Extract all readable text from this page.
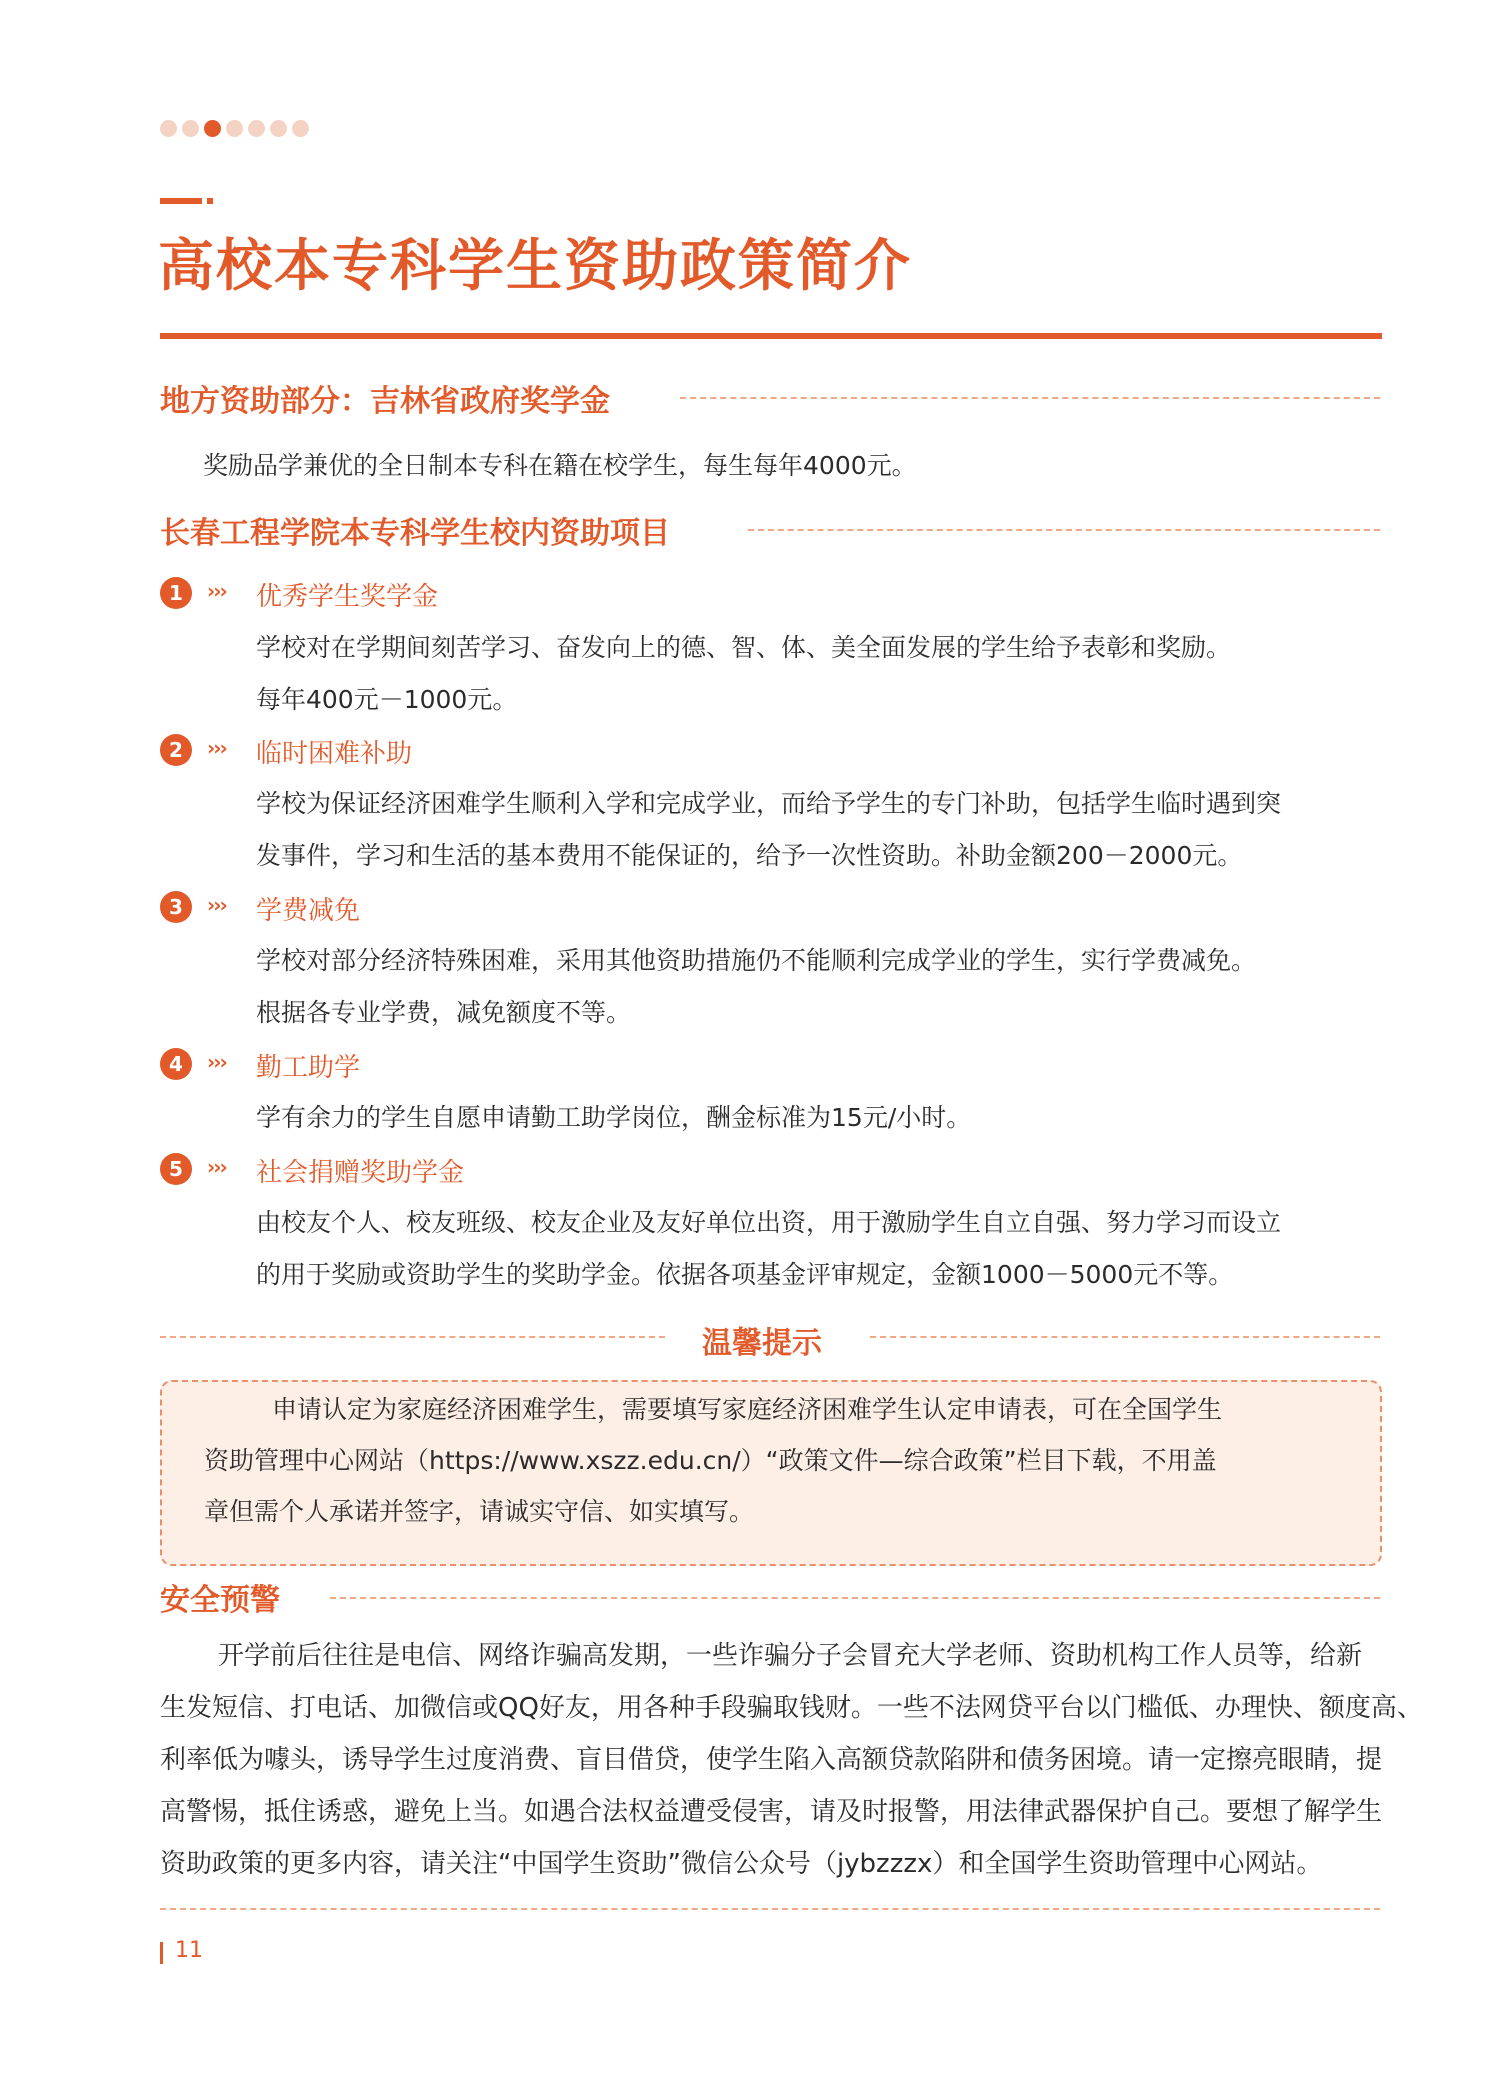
高校本专科学生资助政策简介
地方资助部分：吉林省政府奖学金
奖励品学兼优的全日制本专科在籍在校学生，每生每年4000元。
长春工程学院本专科学生校内资助项目
1	››› 优秀学生奖学金
学校对在学期间刻苦学习、奋发向上的德、智、体、美全面发展的学生给予表彰和奖励。
每年400元－1000元。
2	››› 临时困难补助
学校为保证经济困难学生顺利入学和完成学业，而给予学生的专门补助，包括学生临时遇到突
发事件，学习和生活的基本费用不能保证的，给予一次性资助。补助金额200－2000元。
3	››› 学费减免
学校对部分经济特殊困难，采用其他资助措施仍不能顺利完成学业的学生，实行学费减免。
根据各专业学费，减免额度不等。
4	››› 勤工助学
学有余力的学生自愿申请勤工助学岗位，酬金标准为15元/小时。
5	››› 社会捐赠奖助学金
由校友个人、校友班级、校友企业及友好单位出资，用于激励学生自立自强、努力学习而设立
的用于奖励或资助学生的奖助学金。依据各项基金评审规定，金额1000－5000元不等。
温馨提示
申请认定为家庭经济困难学生，需要填写家庭经济困难学生认定申请表，可在全国学生
资助管理中心网站（https://www.xszz.edu.cn/）“政策文件—综合政策”栏目下载，不用盖
章但需个人承诺并签字，请诚实守信、如实填写。
安全预警
开学前后往往是电信、网络诈骗高发期，一些诈骗分子会冒充大学老师、资助机构工作人员等，给新
生发短信、打电话、加微信或QQ好友，用各种手段骗取钱财。一些不法网贷平台以门槛低、办理快、额度高、
利率低为噱头，诱导学生过度消费、盲目借贷，使学生陷入高额贷款陷阱和债务困境。请一定擦亮眼睛，提
高警惕，抵住诱惑，避免上当。如遇合法权益遭受侵害，请及时报警，用法律武器保护自己。要想了解学生
资助政策的更多内容，请关注“中国学生资助”微信公众号（jybzzzx）和全国学生资助管理中心网站。
11
